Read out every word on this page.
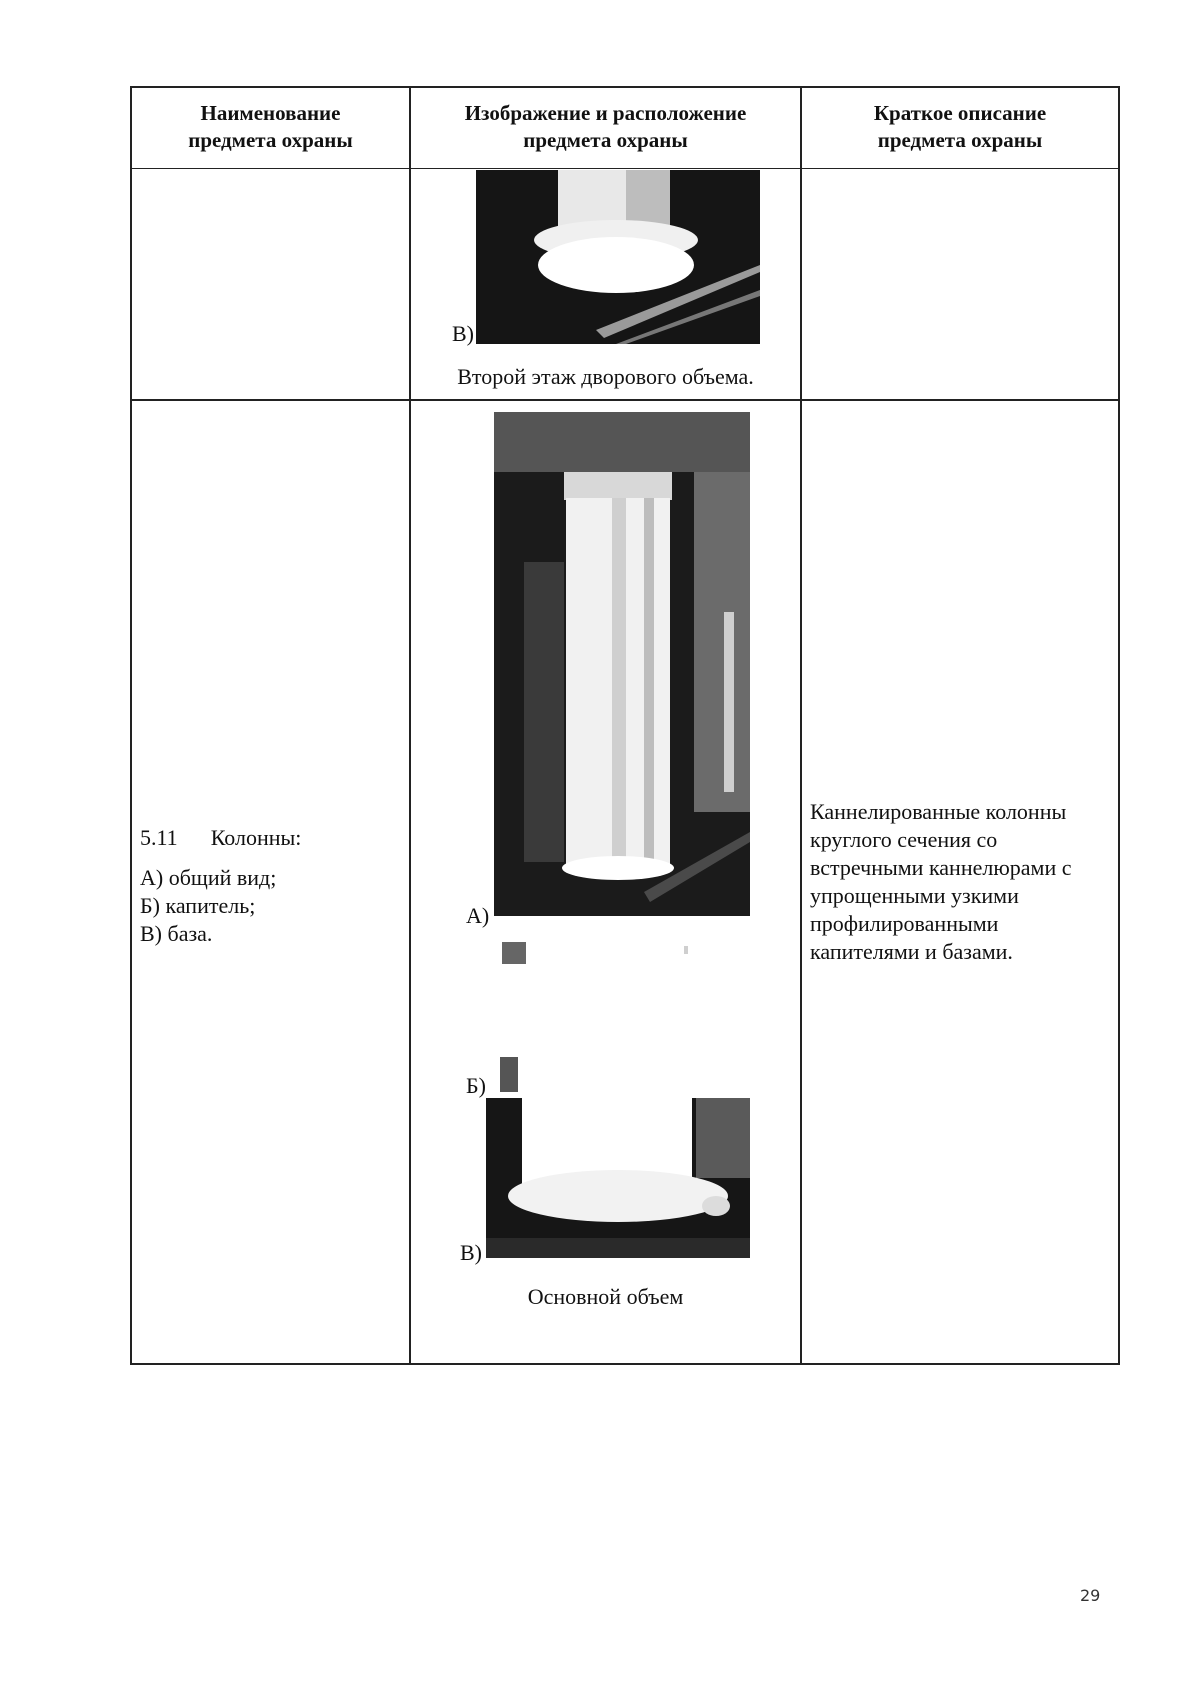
Наименование
предмета охраны
Изображение и расположение
предмета охраны
Краткое описание
предмета охраны
В)
Второй этаж дворового объема.
5.11 Колонны:
А) общий вид;
Б) капитель;
В) база.
А)
Б)
В)
Основной объем
Каннелированные колонны
круглого сечения со
встречными каннелюрами с
упрощенными узкими
профилированными
капителями и базами.
29
